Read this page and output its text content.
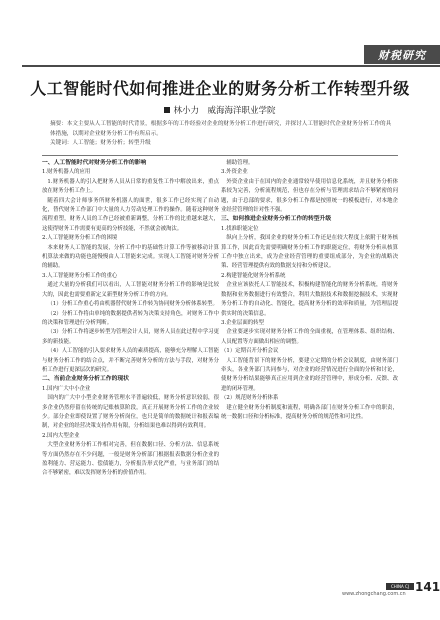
财税研究
人工智能时代如何推进企业的财务分析工作转型升级
林小力　威海海洋职业学院

摘要：本文主要从人工智能的时代背景，根据多年的工作经验对企业的财务分析工作进行研究，并探讨人工智能时代企业财务分析工作的具体措施，以期对企业财务分析工作有所启示。

关键词：人工智能；财务分析；转型升级

一、人工智能时代对财务分析工作的影响

1.财务机器人的应用

1.财务机器人的引入把财务人员从日常的重复性工作中解放出来，重点放在财务分析工作上。

随着四大会计师事务所财务机器人的面世，很多工作已经实现了自动化，替代财务工作部门中大量的人力劳动处理工作的操作。随着这种财务流程重塑，财务人员的工作已经被重新调整，分析工作的比重越来越大，这使得财务工作需要有更高的分析技能，不然就会被淘汰。

2.人工智能财务分析工作的困境

本来财务人工智能的发展，分析工作中的基础性计算工作等被移动计算机算法来做的功能也能慢慢由人工智能来完成。实现人工智能对财务分析的辅助。

3.人工智能财务分析工作的重心

通过大量的分析我们可以看出，人工智能对财务分析工作的影响是比较大的，因此也需要重新定义新型财务分析工作的方向。

（1）分析工作重心将由机器替代财务工作转为协同财务分析体系转型。

（2）分析工作将由单纯的数据提供者转为决策支持角色，对财务工作中的决策和管理进行分析判断。

（3）分析工作将逐步转型为管理会计人员，财务人员在此过程中学习更多的新技能。

（4）人工智能的引入要求财务人员的素质提高，能够充分理解人工智能与财务分析工作的结合点，并不断完善财务分析的方法与手段，对财务分析工作进行更深层次的研究。

二、当前企业财务分析工作的现状

1.国内广大中小企业

国内的广大中小型企业财务管理水平普遍较低，财务分析意识较弱，很多企业仍然停留在传统的记账核算阶段，真正开展财务分析工作的企业较少。部分企业即使设置了财务分析岗位，也只是简单的数据统计和报表编制，对企业的经营决策支持作用有限，分析结果也难以得到有效利用。

2.国内大型企业

大型企业财务分析工作相对完善，但在数据口径、分析方法、信息系统等方面仍然存在不少问题，一般是财务分析部门根据报表数据分析企业的盈利能力、营运能力、偿债能力，分析报告形式化严重，与业务部门的结合不够紧密，难以发挥财务分析的价值作用。

辅助管理。

3.外资企业

外资企业由于在国内的企业通常较早使用信息化系统，并且财务分析体系较为完善，分析流程规范，但也存在分析与管理需求结合不够紧密的问题，由于总部的要求，很多分析工作都是按照统一的模板进行，对本地企业经营管理的针对性不强。

三、如何推进企业财务分析工作的转型升级

1.找准职能定位

纵向上分析，我国企业的财务分析工作还是在较大程度上依附于财务核算工作，因此首先需要明确财务分析工作的职能定位，将财务分析从核算工作中独立出来，成为企业经营管理的重要组成部分，为企业的战略决策、经营管理提供有效的数据支持和分析建议。

2.构建智能化财务分析系统

企业应该依托人工智能技术，积极构建智能化的财务分析系统，将财务数据和业务数据进行有效整合，利用大数据技术和数据挖掘技术，实现财务分析工作的自动化、智能化，提高财务分析的效率和质量，为管理层提供实时的决策信息。

3.企业层面的转型

企业要逐步实现对财务分析工作的全面重视，在管理体系、组织结构、人员配置等方面做出相应的调整。

（1）定期召开分析会议

人工智能背景下的财务分析，要建立定期的分析会议制度，由财务部门牵头，各业务部门共同参与，对企业的经营情况进行全面的分析和讨论，使财务分析结果能够真正应用到企业的经营管理中，形成分析、反馈、改进的闭环管理。

（2）规范财务分析体系

建立健全财务分析制度和流程，明确各部门在财务分析工作中的职责，统一数据口径和分析标准，提高财务分析的规范性和可比性。

CHINA CJ
www.zhongchang.com.cn 141
